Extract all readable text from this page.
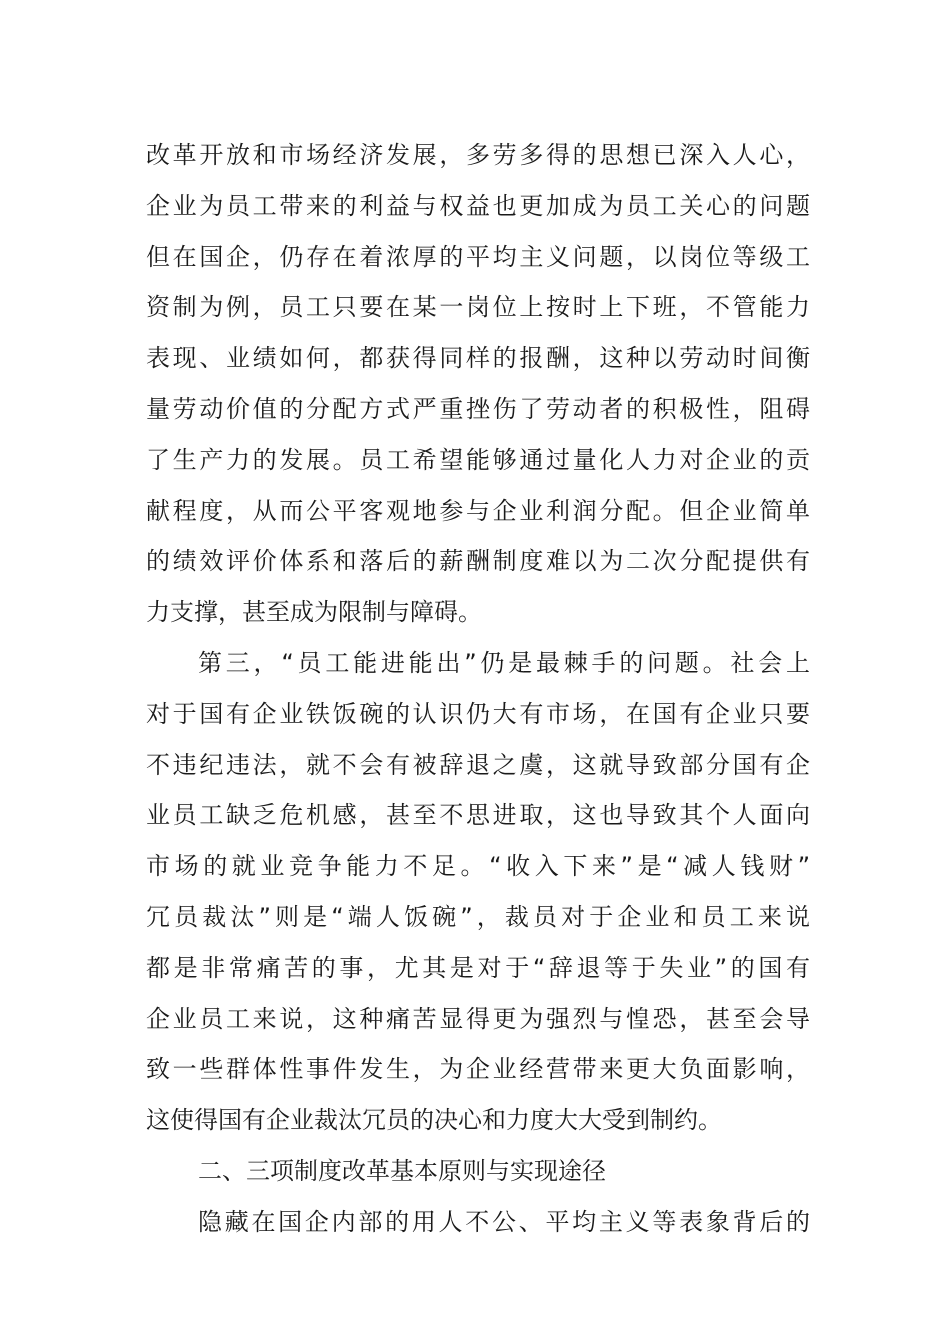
改革开放和市场经济发展，多劳多得的思想已深入人心，
企业为员工带来的利益与权益也更加成为员工关心的问题
但在国企，仍存在着浓厚的平均主义问题，以岗位等级工
资制为例，员工只要在某一岗位上按时上下班，不管能力
表现、业绩如何，都获得同样的报酬，这种以劳动时间衡
量劳动价值的分配方式严重挫伤了劳动者的积极性，阻碍
了生产力的发展。员工希望能够通过量化人力对企业的贡
献程度，从而公平客观地参与企业利润分配。但企业简单
的绩效评价体系和落后的薪酬制度难以为二次分配提供有
力支撑，甚至成为限制与障碍。
第三，“员工能进能出”仍是最棘手的问题。社会上
对于国有企业铁饭碗的认识仍大有市场，在国有企业只要
不违纪违法，就不会有被辞退之虞，这就导致部分国有企
业员工缺乏危机感，甚至不思进取，这也导致其个人面向
市场的就业竞争能力不足。“收入下来”是“减人钱财”
冗员裁汰”则是“端人饭碗”，裁员对于企业和员工来说
都是非常痛苦的事，尤其是对于“辞退等于失业”的国有
企业员工来说，这种痛苦显得更为强烈与惶恐，甚至会导
致一些群体性事件发生，为企业经营带来更大负面影响，
这使得国有企业裁汰冗员的决心和力度大大受到制约。
二、三项制度改革基本原则与实现途径
隐藏在国企内部的用人不公、平均主义等表象背后的
